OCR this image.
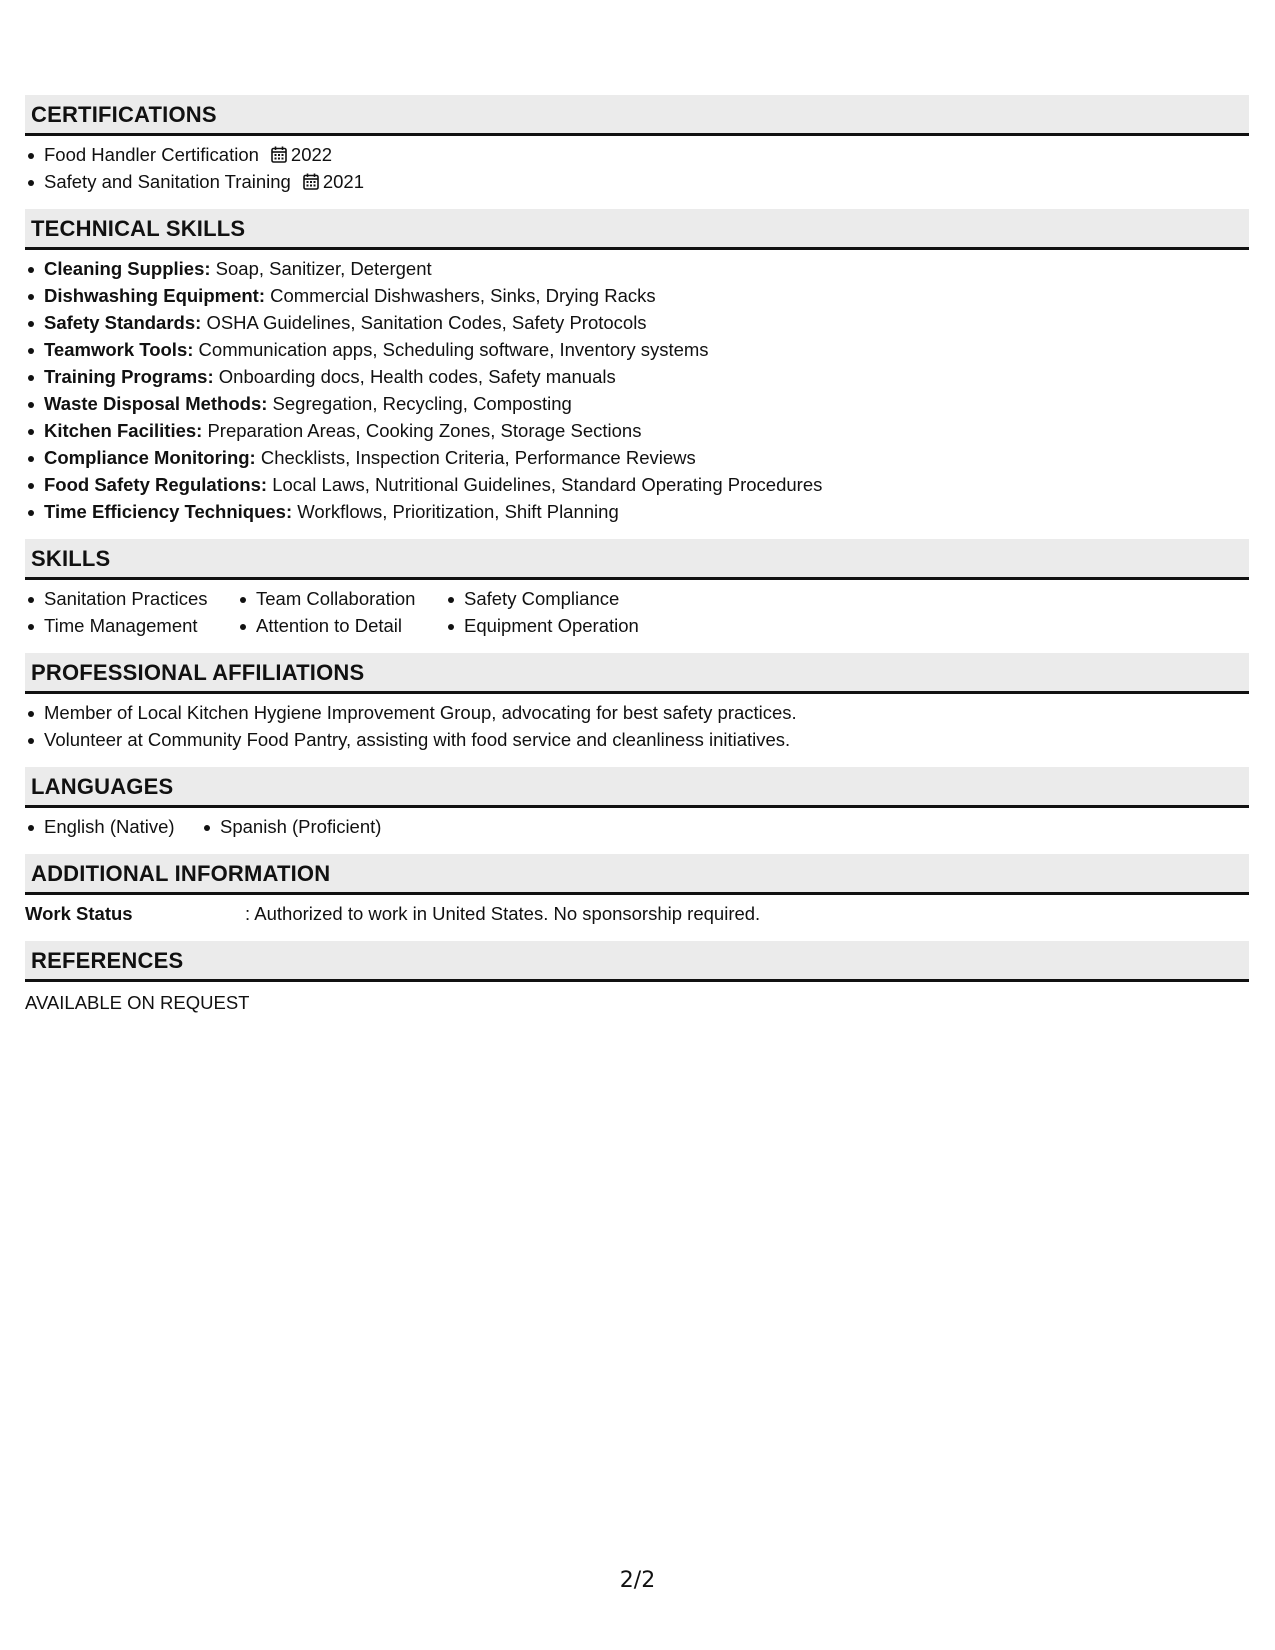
CERTIFICATIONS
Food Handler Certification 2022
Safety and Sanitation Training 2021
TECHNICAL SKILLS
Cleaning Supplies: Soap, Sanitizer, Detergent
Dishwashing Equipment: Commercial Dishwashers, Sinks, Drying Racks
Safety Standards: OSHA Guidelines, Sanitation Codes, Safety Protocols
Teamwork Tools: Communication apps, Scheduling software, Inventory systems
Training Programs: Onboarding docs, Health codes, Safety manuals
Waste Disposal Methods: Segregation, Recycling, Composting
Kitchen Facilities: Preparation Areas, Cooking Zones, Storage Sections
Compliance Monitoring: Checklists, Inspection Criteria, Performance Reviews
Food Safety Regulations: Local Laws, Nutritional Guidelines, Standard Operating Procedures
Time Efficiency Techniques: Workflows, Prioritization, Shift Planning
SKILLS
Sanitation Practices
Time Management
Team Collaboration
Attention to Detail
Safety Compliance
Equipment Operation
PROFESSIONAL AFFILIATIONS
Member of Local Kitchen Hygiene Improvement Group, advocating for best safety practices.
Volunteer at Community Food Pantry, assisting with food service and cleanliness initiatives.
LANGUAGES
English (Native)	Spanish (Proficient)
ADDITIONAL INFORMATION
Work Status	: Authorized to work in United States. No sponsorship required.
REFERENCES
AVAILABLE ON REQUEST
2/2
